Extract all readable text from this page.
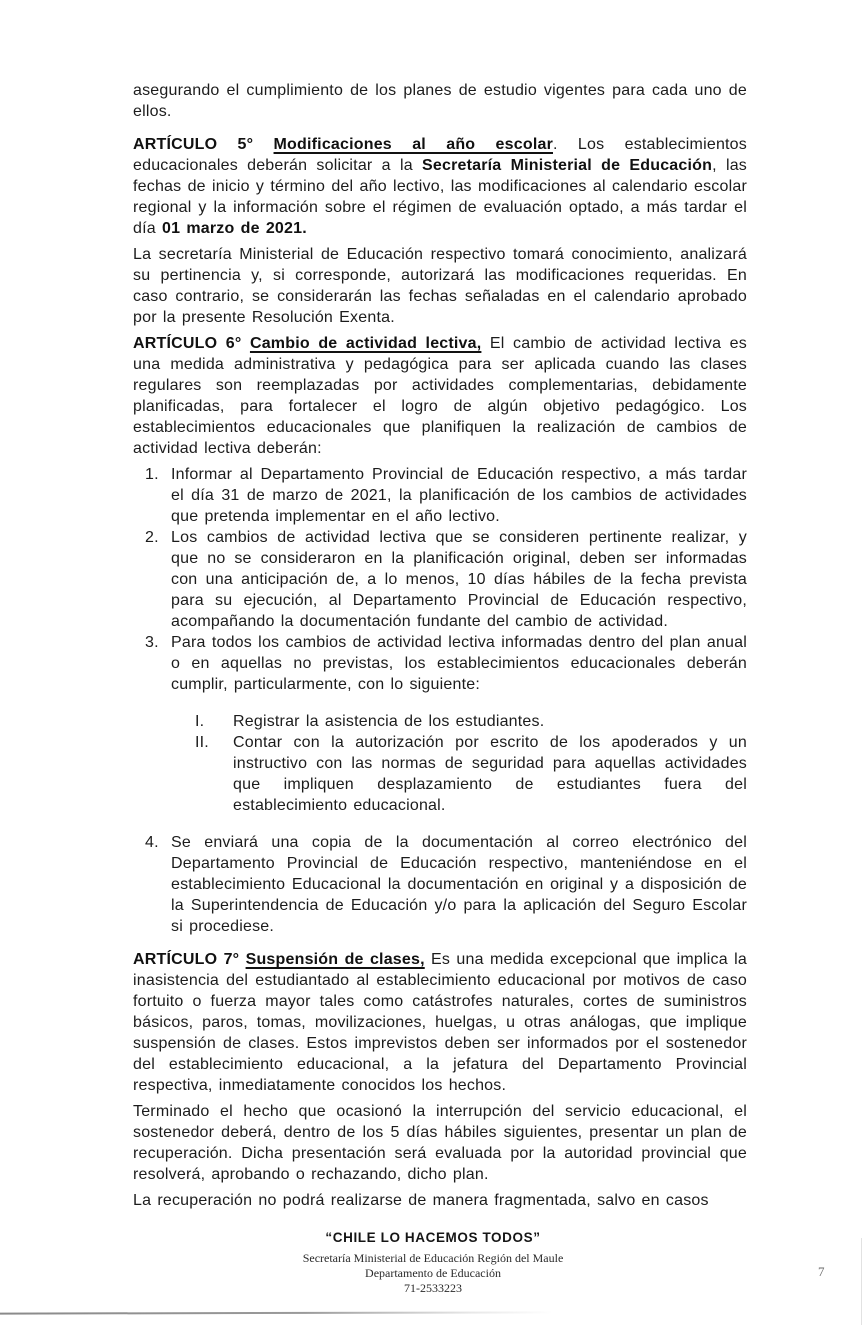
asegurando el cumplimiento de los planes de estudio vigentes para cada uno de ellos.

ARTÍCULO 5° Modificaciones al año escolar. Los establecimientos educacionales deberán solicitar a la Secretaría Ministerial de Educación, las fechas de inicio y término del año lectivo, las modificaciones al calendario escolar regional y la información sobre el régimen de evaluación optado, a más tardar el día 01 marzo de 2021.

La secretaría Ministerial de Educación respectivo tomará conocimiento, analizará su pertinencia y, si corresponde, autorizará las modificaciones requeridas. En caso contrario, se considerarán las fechas señaladas en el calendario aprobado por la presente Resolución Exenta.

ARTÍCULO 6° Cambio de actividad lectiva, El cambio de actividad lectiva es una medida administrativa y pedagógica para ser aplicada cuando las clases regulares son reemplazadas por actividades complementarias, debidamente planificadas, para fortalecer el logro de algún objetivo pedagógico. Los establecimientos educacionales que planifiquen la realización de cambios de actividad lectiva deberán:

1. Informar al Departamento Provincial de Educación respectivo, a más tardar el día 31 de marzo de 2021, la planificación de los cambios de actividades que pretenda implementar en el año lectivo.
2. Los cambios de actividad lectiva que se consideren pertinente realizar, y que no se consideraron en la planificación original, deben ser informadas con una anticipación de, a lo menos, 10 días hábiles de la fecha prevista para su ejecución, al Departamento Provincial de Educación respectivo, acompañando la documentación fundante del cambio de actividad.
3. Para todos los cambios de actividad lectiva informadas dentro del plan anual o en aquellas no previstas, los establecimientos educacionales deberán cumplir, particularmente, con lo siguiente:
I. Registrar la asistencia de los estudiantes.
II. Contar con la autorización por escrito de los apoderados y un instructivo con las normas de seguridad para aquellas actividades que impliquen desplazamiento de estudiantes fuera del establecimiento educacional.
4. Se enviará una copia de la documentación al correo electrónico del Departamento Provincial de Educación respectivo, manteniéndose en el establecimiento Educacional la documentación en original y a disposición de la Superintendencia de Educación y/o para la aplicación del Seguro Escolar si procediese.

ARTÍCULO 7° Suspensión de clases, Es una medida excepcional que implica la inasistencia del estudiantado al establecimiento educacional por motivos de caso fortuito o fuerza mayor tales como catástrofes naturales, cortes de suministros básicos, paros, tomas, movilizaciones, huelgas, u otras análogas, que implique suspensión de clases. Estos imprevistos deben ser informados por el sostenedor del establecimiento educacional, a la jefatura del Departamento Provincial respectiva, inmediatamente conocidos los hechos.

Terminado el hecho que ocasionó la interrupción del servicio educacional, el sostenedor deberá, dentro de los 5 días hábiles siguientes, presentar un plan de recuperación. Dicha presentación será evaluada por la autoridad provincial que resolverá, aprobando o rechazando, dicho plan.

La recuperación no podrá realizarse de manera fragmentada, salvo en casos

“CHILE LO HACEMOS TODOS”

Secretaría Ministerial de Educación Región del Maule

Departamento de Educación

71-2533223

7
